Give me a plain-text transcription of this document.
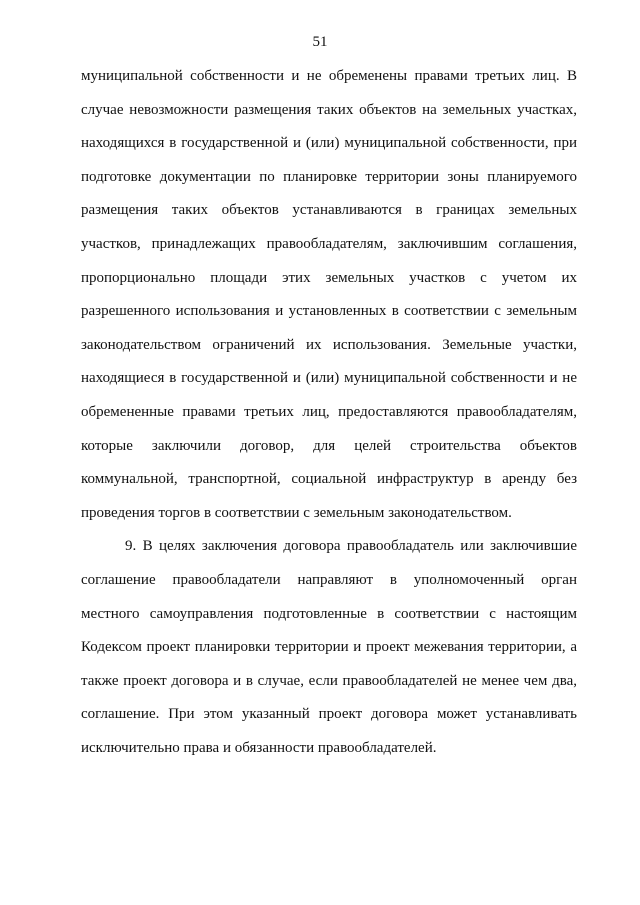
51
муниципальной собственности и не обременены правами третьих лиц. В
случае невозможности размещения таких объектов на земельных участках,
находящихся в государственной и (или) муниципальной собственности, при
подготовке документации по планировке территории зоны планируемого
размещения таких объектов устанавливаются в границах земельных
участков, принадлежащих правообладателям, заключившим соглашения,
пропорционально площади этих земельных участков с учетом их
разрешенного использования и установленных в соответствии с земельным
законодательством ограничений их использования. Земельные участки,
находящиеся в государственной и (или) муниципальной собственности и не
обремененные правами третьих лиц, предоставляются правообладателям,
которые заключили договор, для целей строительства объектов
коммунальной, транспортной, социальной инфраструктур в аренду без
проведения торгов в соответствии с земельным законодательством.
9. В целях заключения договора правообладатель или заключившие
соглашение правообладатели направляют в уполномоченный орган
местного самоуправления подготовленные в соответствии с настоящим
Кодексом проект планировки территории и проект межевания территории, а
также проект договора и в случае, если правообладателей не менее чем два,
соглашение. При этом указанный проект договора может устанавливать
исключительно права и обязанности правообладателей.
